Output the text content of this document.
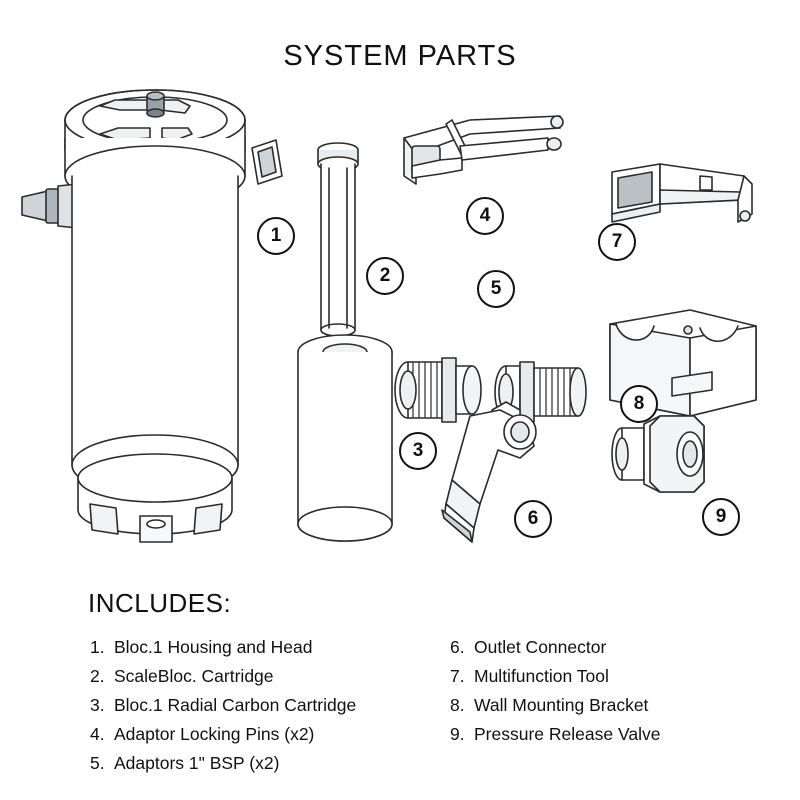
SYSTEM PARTS
1
2
3
4
5
6
7
8
9
INCLUDES:
1. Bloc.1 Housing and Head
2. ScaleBloc. Cartridge
3. Bloc.1 Radial Carbon Cartridge
4. Adaptor Locking Pins (x2)
5. Adaptors 1" BSP (x2)
6. Outlet Connector
7. Multifunction Tool
8. Wall Mounting Bracket
9. Pressure Release Valve
